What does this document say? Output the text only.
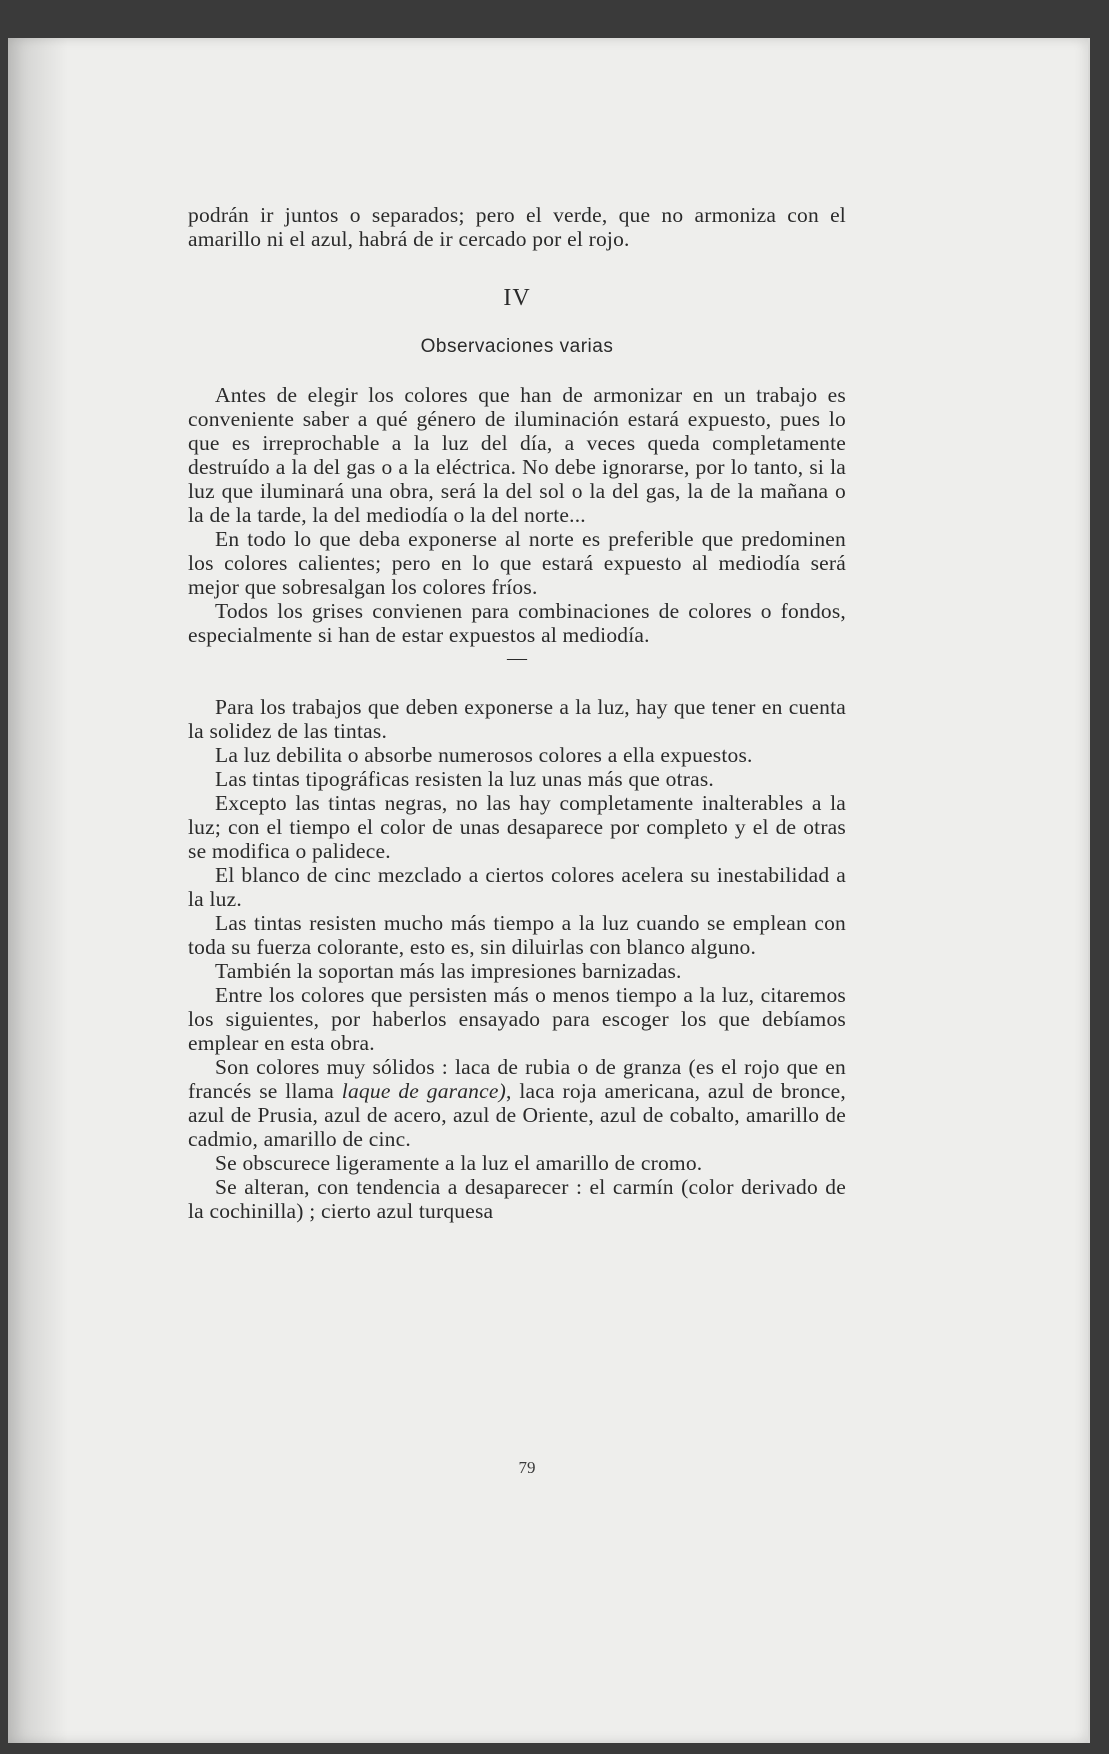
podrán ir juntos o separados; pero el verde, que no armoniza con el amarillo ni el azul, habrá de ir cercado por el rojo.

IV
Observaciones varias

Antes de elegir los colores que han de armonizar en un trabajo es conveniente saber a qué género de iluminación estará expuesto, pues lo que es irreprochable a la luz del día, a veces queda completamente destruído a la del gas o a la eléctrica. No debe ignorarse, por lo tanto, si la luz que iluminará una obra, será la del sol o la del gas, la de la mañana o la de la tarde, la del mediodía o la del norte...

En todo lo que deba exponerse al norte es preferible que predominen los colores calientes; pero en lo que estará expuesto al mediodía será mejor que sobresalgan los colores fríos.

Todos los grises convienen para combinaciones de colores o fondos, especialmente si han de estar expuestos al mediodía.

—

Para los trabajos que deben exponerse a la luz, hay que tener en cuenta la solidez de las tintas.

La luz debilita o absorbe numerosos colores a ella expuestos.

Las tintas tipográficas resisten la luz unas más que otras.

Excepto las tintas negras, no las hay completamente inalterables a la luz; con el tiempo el color de unas desaparece por completo y el de otras se modifica o palidece.

El blanco de cinc mezclado a ciertos colores acelera su inestabilidad a la luz.

Las tintas resisten mucho más tiempo a la luz cuando se emplean con toda su fuerza colorante, esto es, sin diluirlas con blanco alguno.

También la soportan más las impresiones barnizadas.

Entre los colores que persisten más o menos tiempo a la luz, citaremos los siguientes, por haberlos ensayado para escoger los que debíamos emplear en esta obra.

Son colores muy sólidos : laca de rubia o de granza (es el rojo que en francés se llama laque de garance), laca roja americana, azul de bronce, azul de Prusia, azul de acero, azul de Oriente, azul de cobalto, amarillo de cadmio, amarillo de cinc.

Se obscurece ligeramente a la luz el amarillo de cromo.

Se alteran, con tendencia a desaparecer : el carmín (color derivado de la cochinilla) ; cierto azul turquesa

79
